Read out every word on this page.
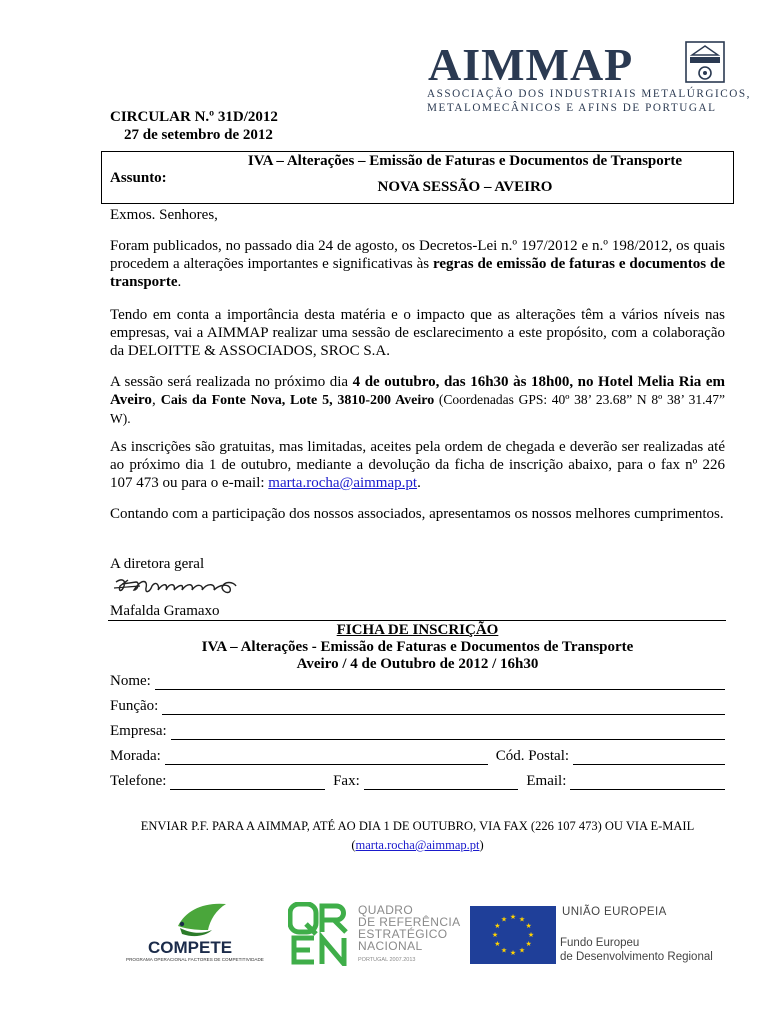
AIMMAP
ASSOCIAÇÃO DOS INDUSTRIAIS METALÚRGICOS,
METALOMECÂNICOS E AFINS DE PORTUGAL
CIRCULAR N.º 31D/2012
27 de setembro de 2012
Assunto:
IVA – Alterações – Emissão de Faturas e Documentos de Transporte
NOVA SESSÃO – AVEIRO
Exmos. Senhores,
Foram publicados, no passado dia 24 de agosto, os Decretos-Lei n.º 197/2012 e n.º 198/2012, os quais procedem a alterações importantes e significativas às regras de emissão de faturas e documentos de transporte.
Tendo em conta a importância desta matéria e o impacto que as alterações têm a vários níveis nas empresas, vai a AIMMAP realizar uma sessão de esclarecimento a este propósito, com a colaboração da DELOITTE & ASSOCIADOS, SROC S.A.
A sessão será realizada no próximo dia 4 de outubro, das 16h30 às 18h00, no Hotel Melia Ria em Aveiro, Cais da Fonte Nova, Lote 5, 3810-200 Aveiro (Coordenadas GPS: 40º 38’ 23.68” N 8º 38’ 31.47” W).
As inscrições são gratuitas, mas limitadas, aceites pela ordem de chegada e deverão ser realizadas até ao próximo dia 1 de outubro, mediante a devolução da ficha de inscrição abaixo, para o fax nº 226 107 473 ou para o e-mail: marta.rocha@aimmap.pt.
Contando com a participação dos nossos associados, apresentamos os nossos melhores cumprimentos.
A diretora geral
Mafalda Gramaxo
FICHA DE INSCRIÇÃO
IVA – Alterações - Emissão de Faturas e Documentos de Transporte
Aveiro / 4 de Outubro de 2012 / 16h30
Nome:
Função:
Empresa:
Morada:	Cód. Postal:
Telefone:	Fax:	Email:
ENVIAR P.F. PARA A AIMMAP, ATÉ AO DIA 1 DE OUTUBRO, VIA FAX (226 107 473) OU VIA E-MAIL
(marta.rocha@aimmap.pt)
COMPETE
PROGRAMA OPERACIONAL FACTORES DE COMPETITIVIDADE
QUADRO
DE REFERÊNCIA
ESTRATÉGICO
NACIONAL
PORTUGAL 2007.2013
★ ★
★
★
★
★
★
★
★
★
★
★
UNIÃO EUROPEIA
Fundo Europeu
de Desenvolvimento Regional
